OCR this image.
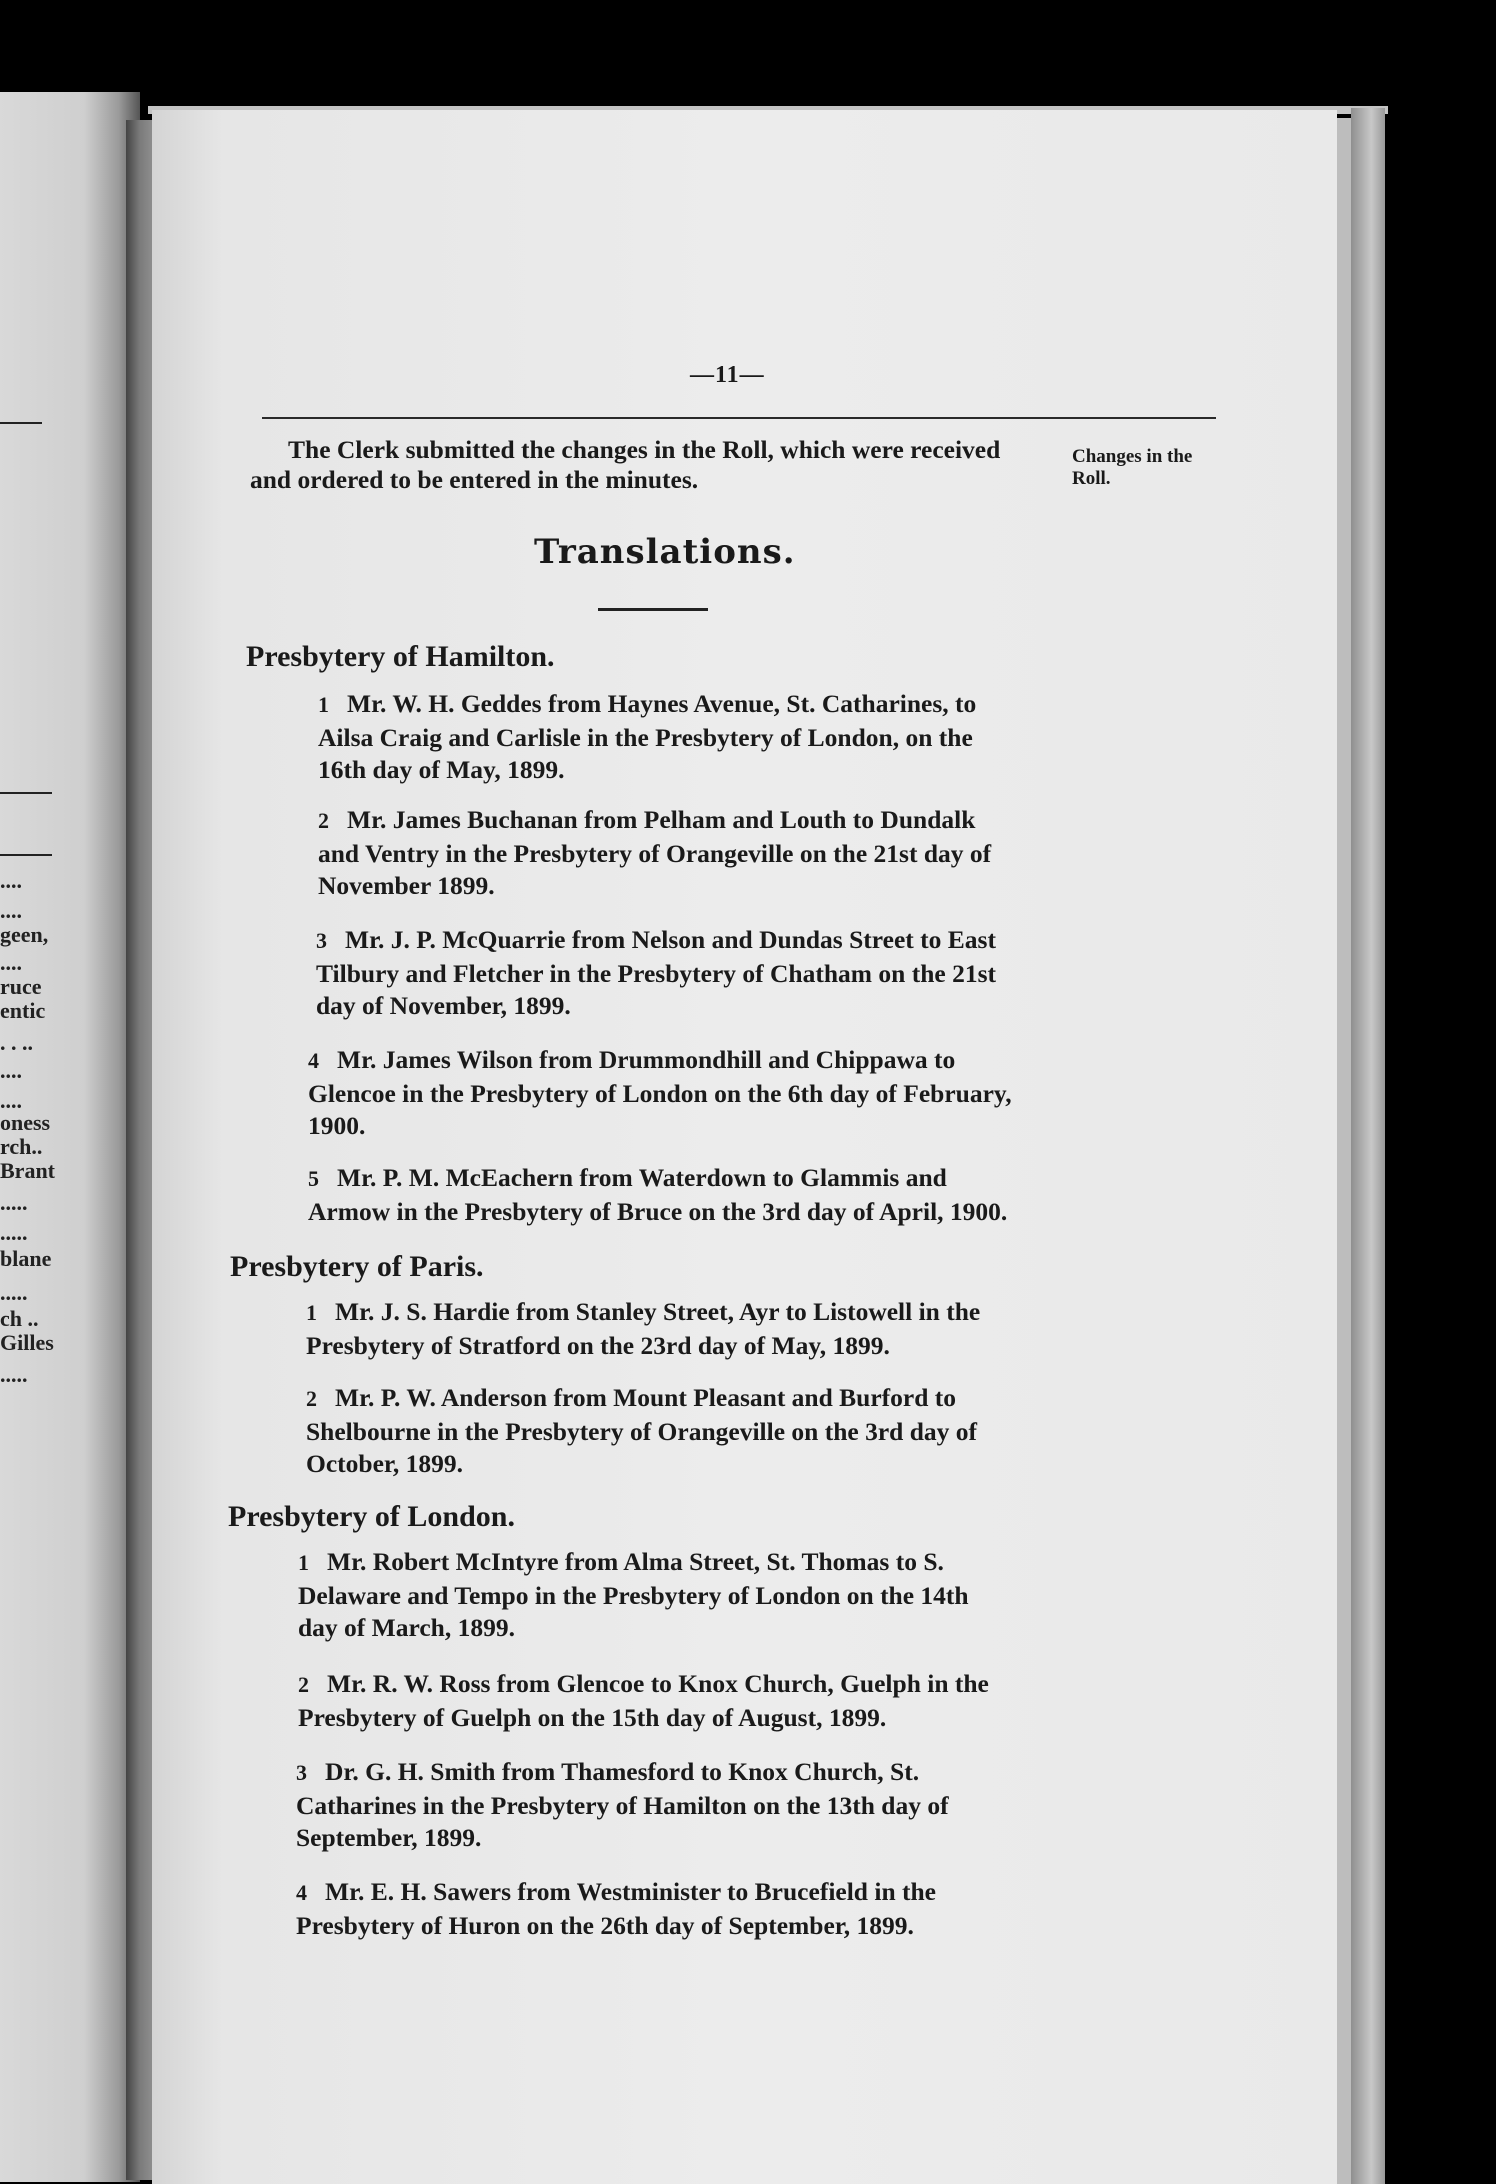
....
....
geen,
....
ruce
entic
. . ..
....
....
oness
rch..
Brant
.....
.....
blane
.....
ch ..
Gilles
.....
—11—
The Clerk submitted the changes in the Roll, which were received
and ordered to be entered in the minutes.
Changes in the
Roll.
Translations.
Presbytery of Hamilton.
1 Mr. W. H. Geddes from Haynes Avenue, St. Catharines, to
Ailsa Craig and Carlisle in the Presbytery of London, on the
16th day of May, 1899.
2 Mr. James Buchanan from Pelham and Louth to Dundalk
and Ventry in the Presbytery of Orangeville on the 21st day of
November 1899.
3 Mr. J. P. McQuarrie from Nelson and Dundas Street to East
Tilbury and Fletcher in the Presbytery of Chatham on the 21st
day of November, 1899.
4 Mr. James Wilson from Drummondhill and Chippawa to
Glencoe in the Presbytery of London on the 6th day of February,
1900.
5 Mr. P. M. McEachern from Waterdown to Glammis and
Armow in the Presbytery of Bruce on the 3rd day of April, 1900.
Presbytery of Paris.
1 Mr. J. S. Hardie from Stanley Street, Ayr to Listowell in the
Presbytery of Stratford on the 23rd day of May, 1899.
2 Mr. P. W. Anderson from Mount Pleasant and Burford to
Shelbourne in the Presbytery of Orangeville on the 3rd day of
October, 1899.
Presbytery of London.
1 Mr. Robert McIntyre from Alma Street, St. Thomas to S.
Delaware and Tempo in the Presbytery of London on the 14th
day of March, 1899.
2 Mr. R. W. Ross from Glencoe to Knox Church, Guelph in the
Presbytery of Guelph on the 15th day of August, 1899.
3 Dr. G. H. Smith from Thamesford to Knox Church, St.
Catharines in the Presbytery of Hamilton on the 13th day of
September, 1899.
4 Mr. E. H. Sawers from Westminister to Brucefield in the
Presbytery of Huron on the 26th day of September, 1899.
